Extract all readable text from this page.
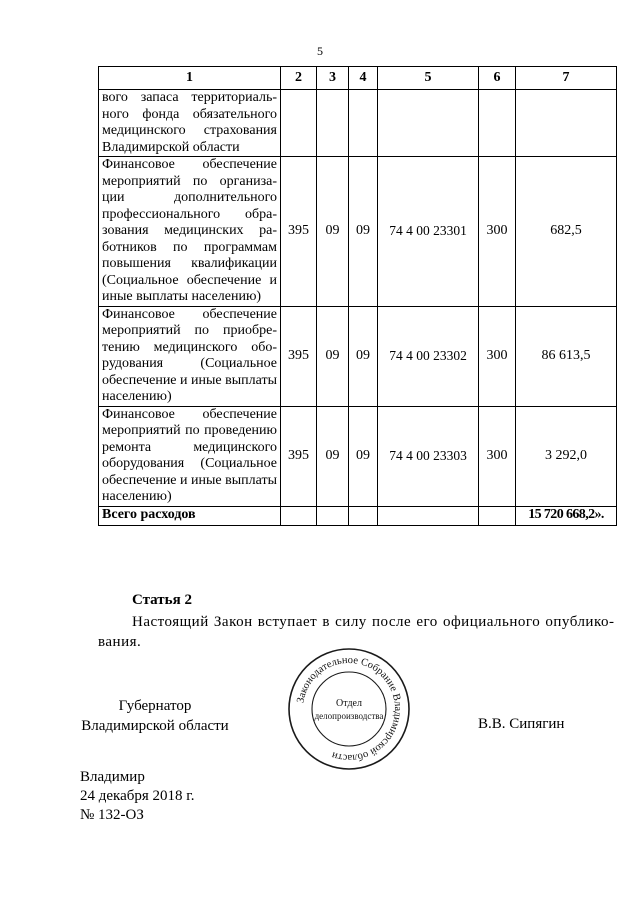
5
1	2	3	4	5	6	7
вого запаса территориального фонда обязательного медицинского страхования Владимирской области						
Финансовое обеспечение мероприятий по организации дополнительного профессионального образования медицинских работников по программам повышения квалификации (Социальное обеспечение и иные выплаты населению)	395	09	09	74 4 00 23301	300	682,5
Финансовое обеспечение мероприятий по приобретению медицинского оборудования (Социальное обеспечение и иные выплаты населению)	395	09	09	74 4 00 23302	300	86 613,5
Финансовое обеспечение мероприятий по проведению ремонта медицинского оборудования (Социальное обеспечение и иные выплаты населению)	395	09	09	74 4 00 23303	300	3 292,0
Всего расходов						15 720 668,2».
Статья 2
Настоящий Закон вступает в силу после его официального опубликования.
Губернатор
Владимирской области
Законодательное Собрание Владимирской области
Отдел
делопроизводства	В.В. Сипягин
Владимир
24 декабря 2018 г.
№ 132-ОЗ
